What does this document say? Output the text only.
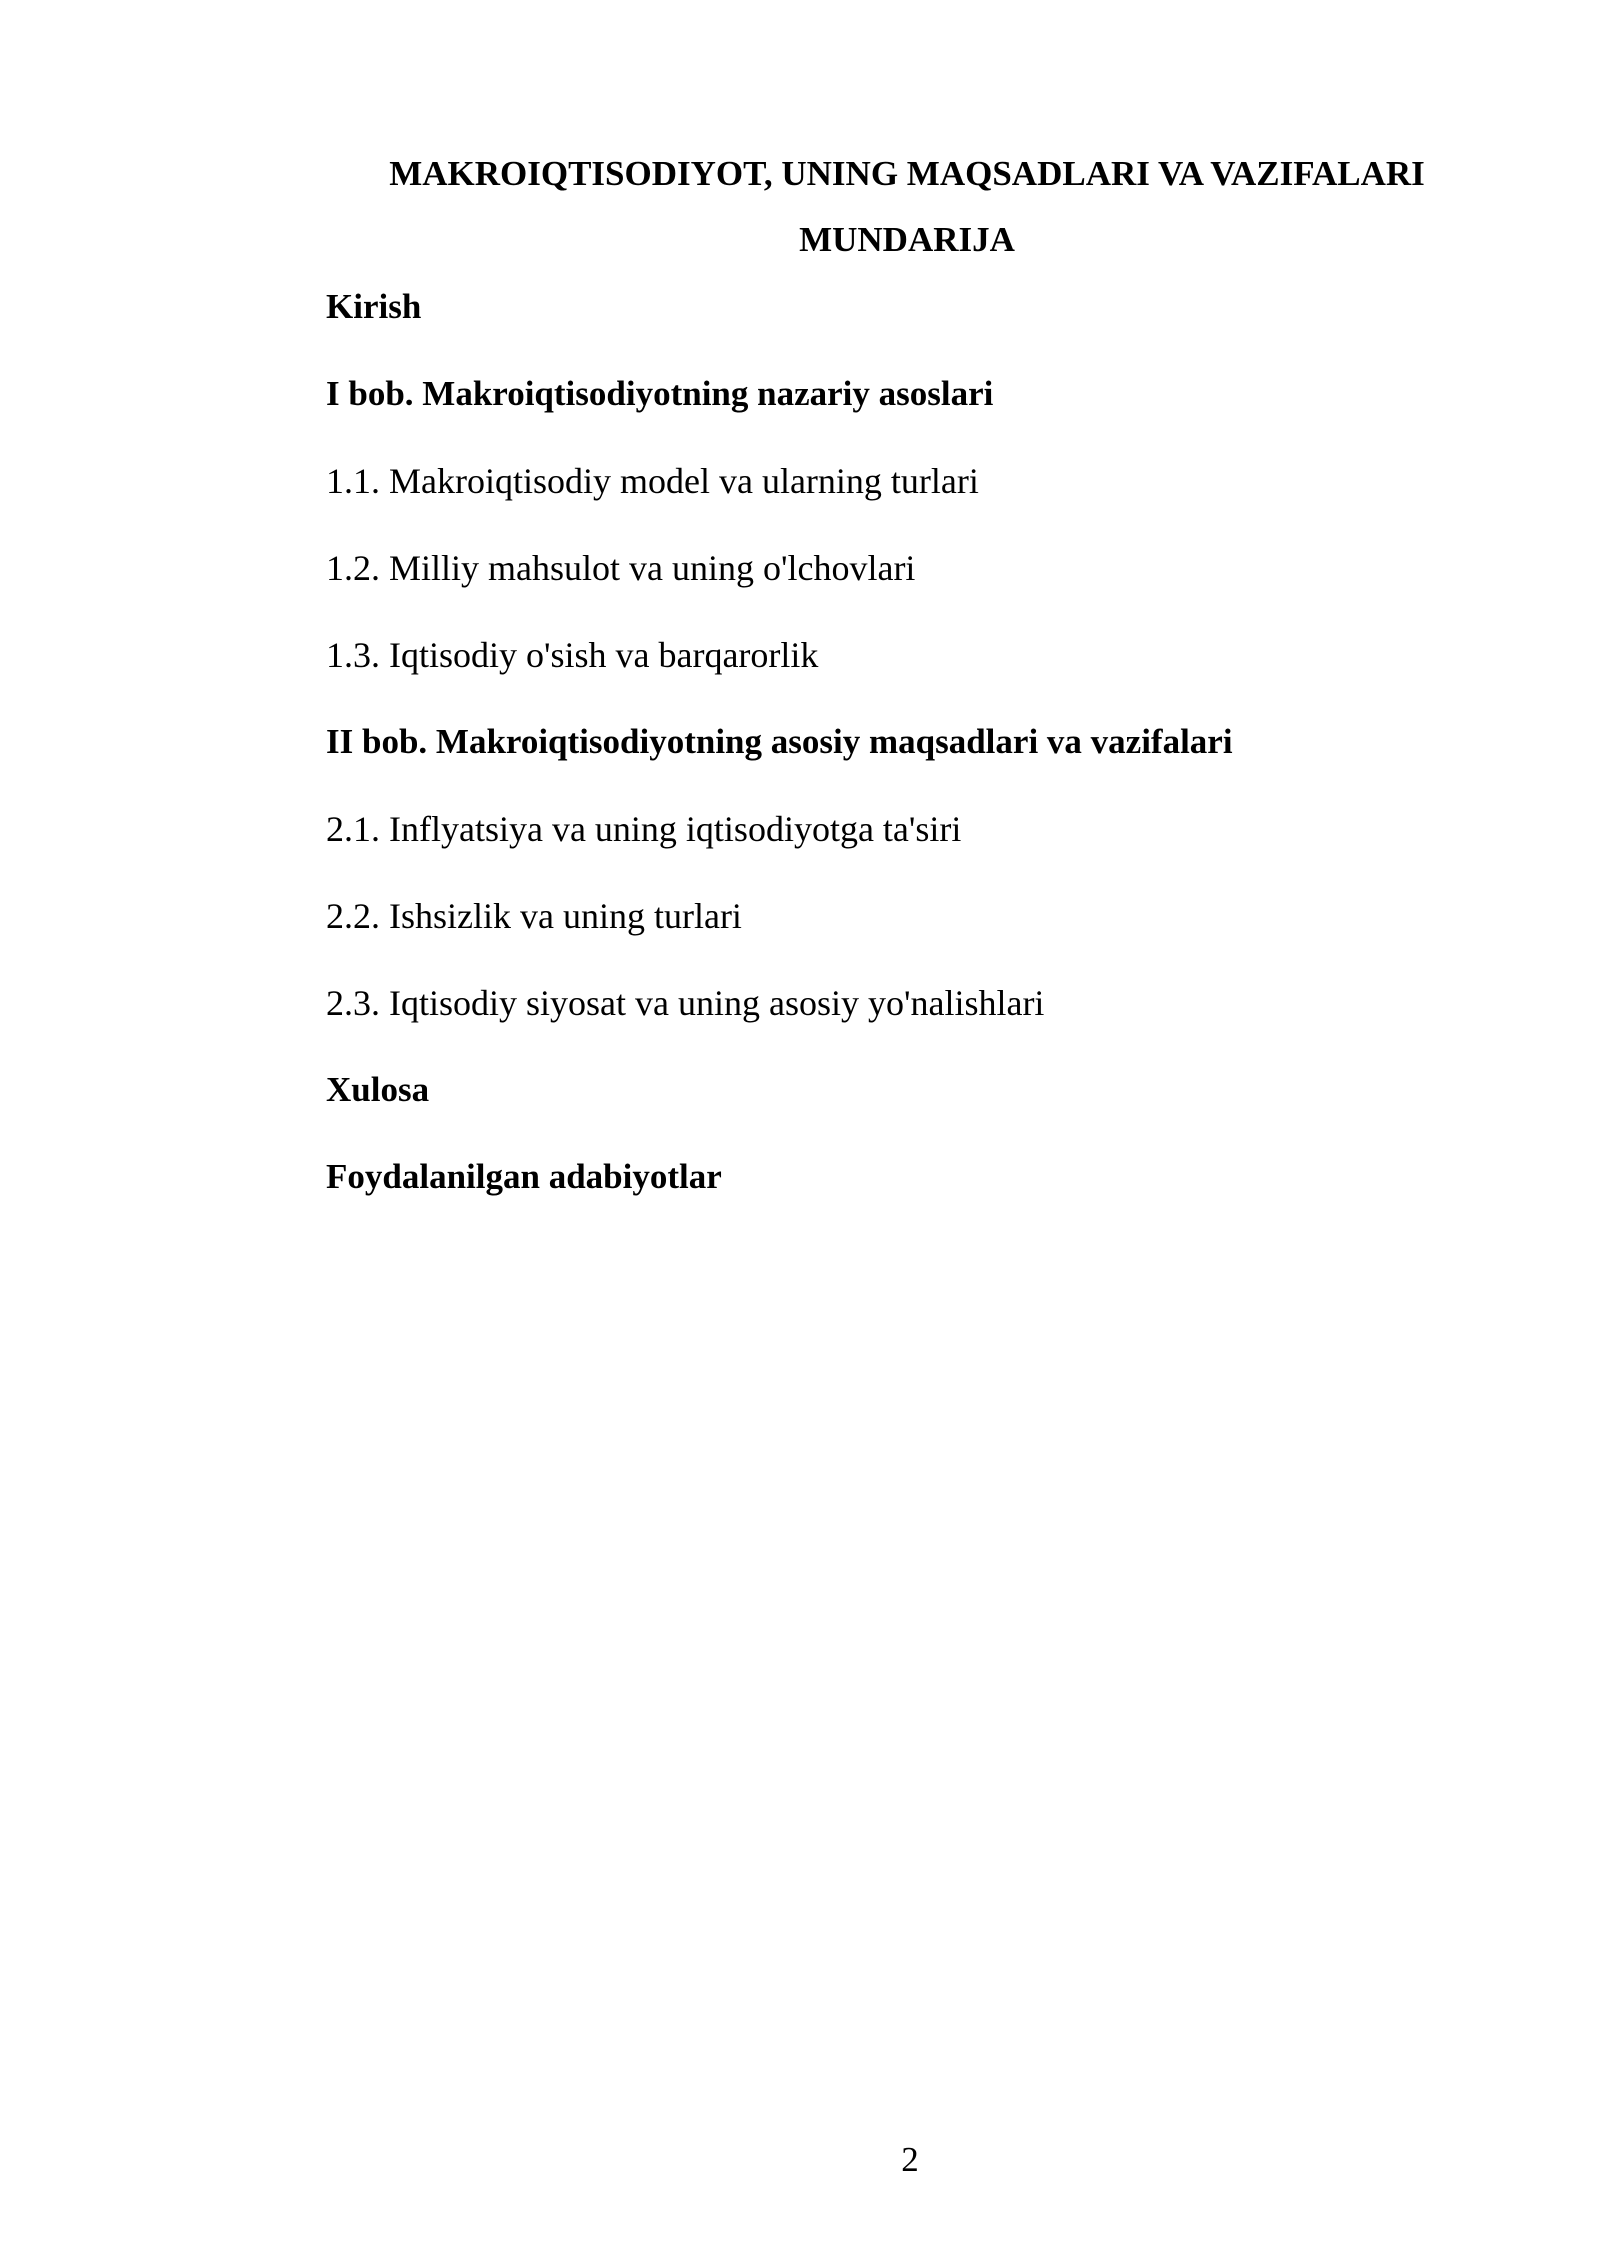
MAKROIQTISODIYOT, UNING MAQSADLARI VA VAZIFALARI
MUNDARIJA
Kirish
I bob. Makroiqtisodiyotning nazariy asoslari
1.1. Makroiqtisodiy model va ularning turlari
1.2. Milliy mahsulot va uning o'lchovlari
1.3. Iqtisodiy o'sish va barqarorlik
II bob. Makroiqtisodiyotning asosiy maqsadlari va vazifalari
2.1. Inflyatsiya va uning iqtisodiyotga ta'siri
2.2. Ishsizlik va uning turlari
2.3. Iqtisodiy siyosat va uning asosiy yo'nalishlari
Xulosa
Foydalanilgan adabiyotlar
2
